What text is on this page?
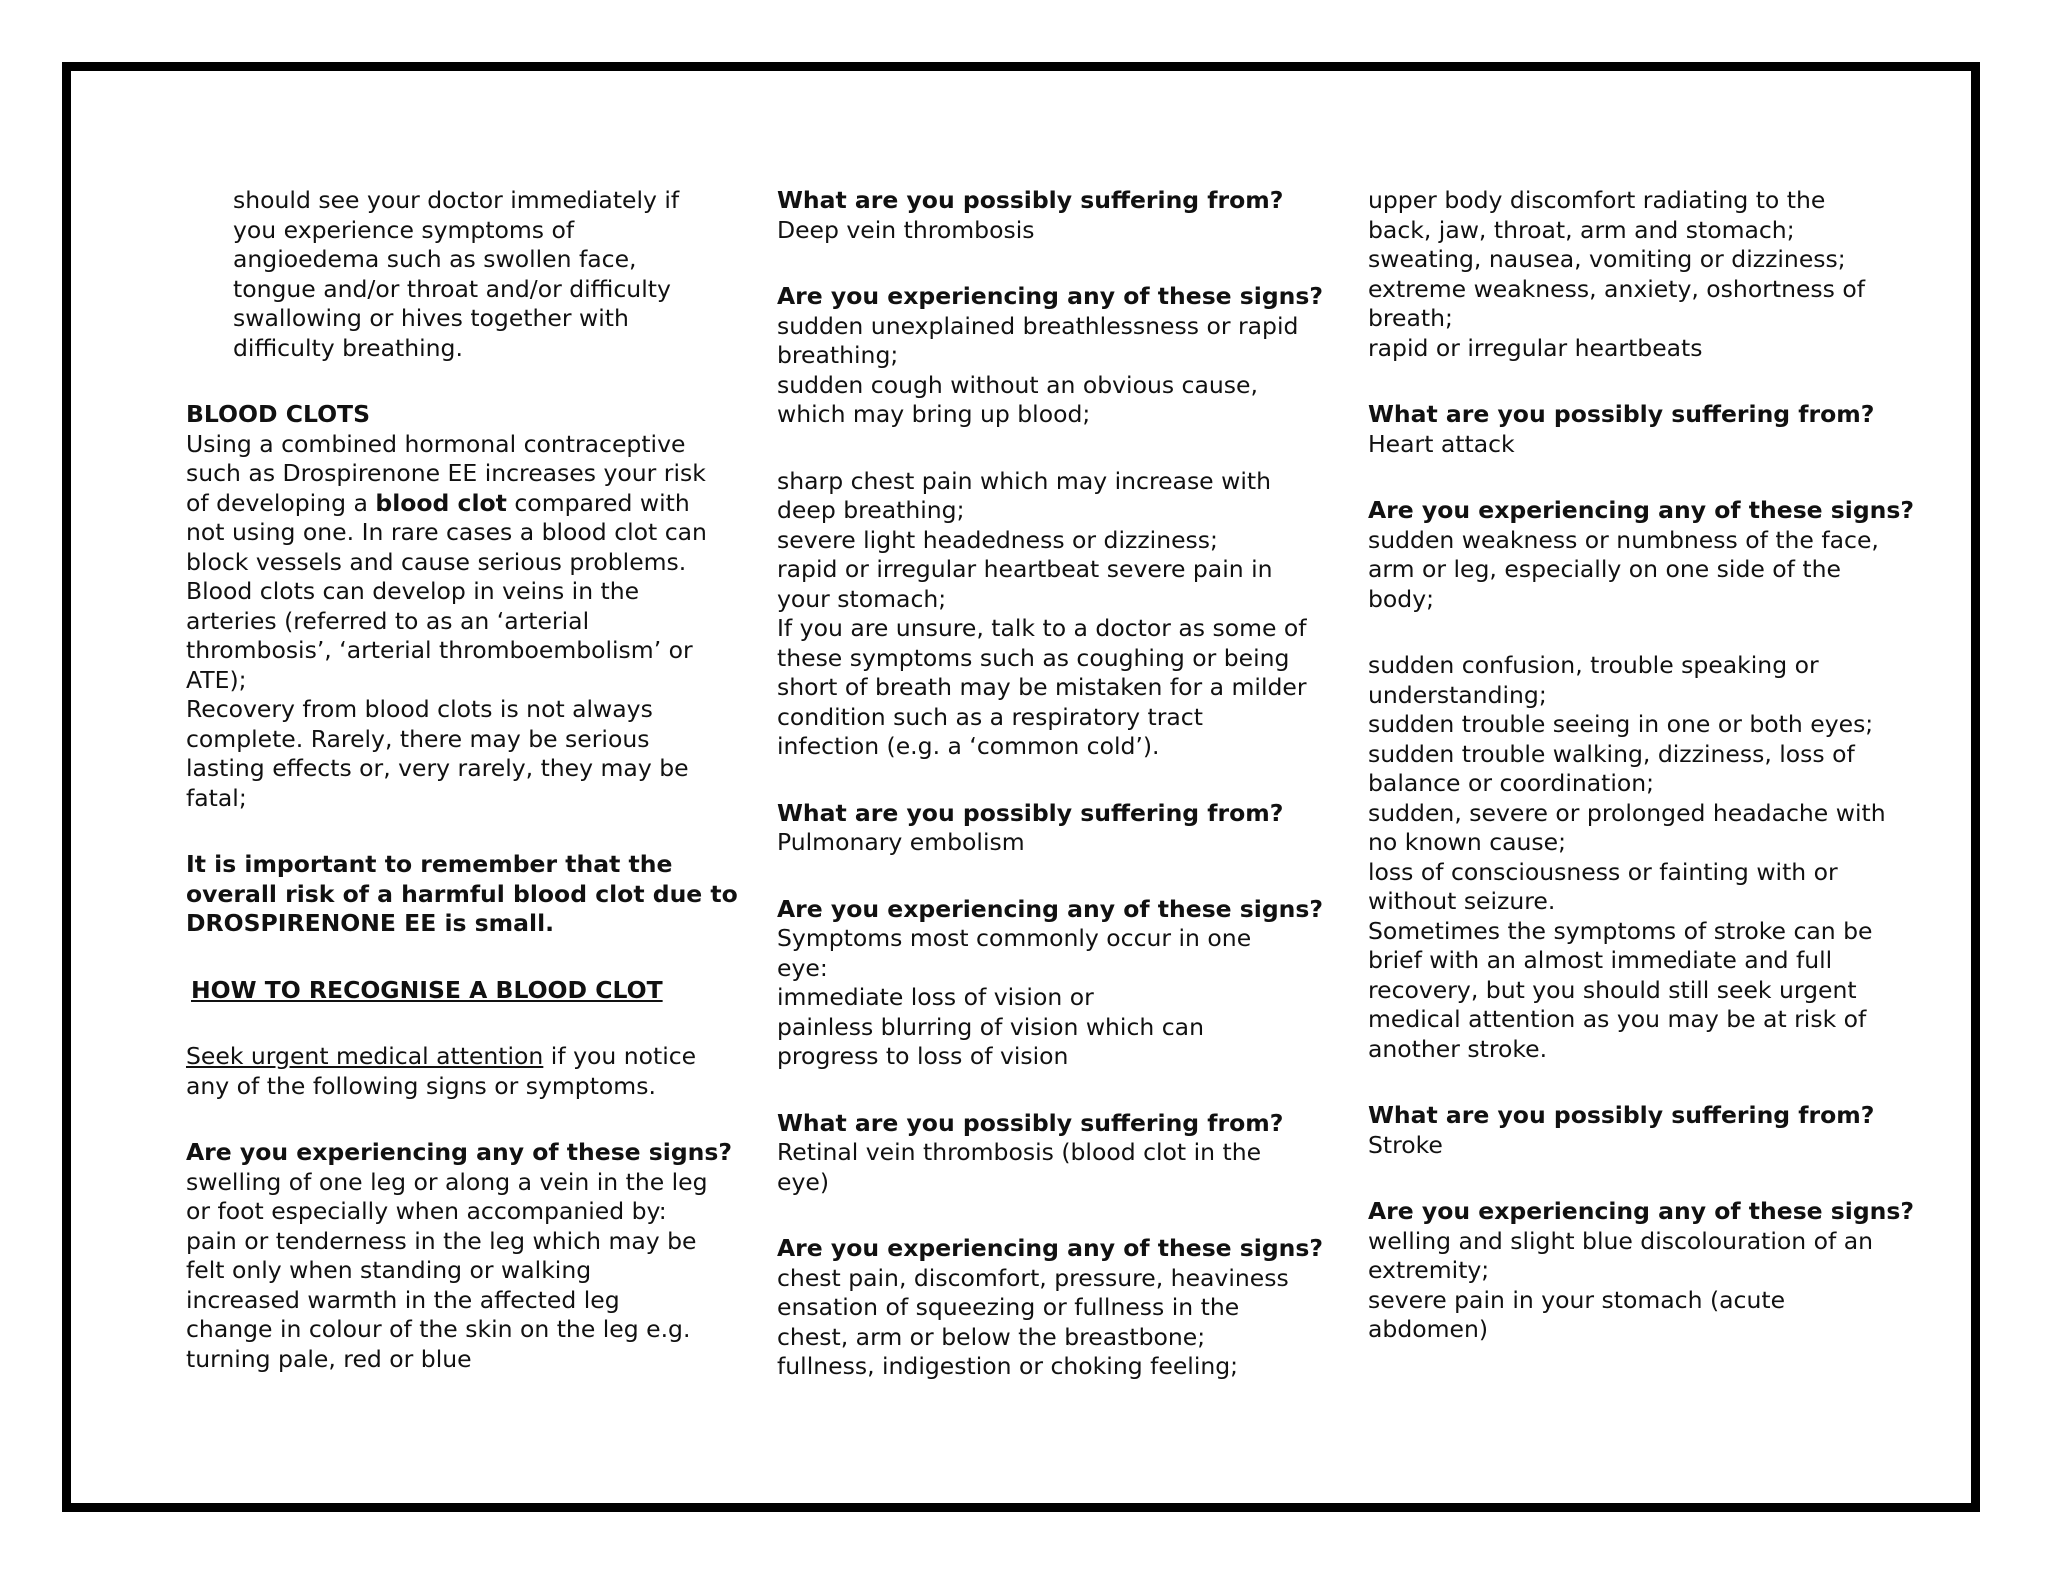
should see your doctor immediately if
you experience symptoms of
angioedema such as swollen face,
tongue and/or throat and/or difficulty
swallowing or hives together with
difficulty breathing.
BLOOD CLOTS
Using a combined hormonal contraceptive
such as Drospirenone EE increases your risk
of developing a blood clot compared with
not using one. In rare cases a blood clot can
block vessels and cause serious problems.
Blood clots can develop in veins in the
arteries (referred to as an ‘arterial
thrombosis’, ‘arterial thromboembolism’ or
ATE);
Recovery from blood clots is not always
complete. Rarely, there may be serious
lasting effects or, very rarely, they may be
fatal;
It is important to remember that the
overall risk of a harmful blood clot due to
DROSPIRENONE EE is small.
HOW TO RECOGNISE A BLOOD CLOT
Seek urgent medical attention if you notice
any of the following signs or symptoms.
Are you experiencing any of these signs?
swelling of one leg or along a vein in the leg
or foot especially when accompanied by:
pain or tenderness in the leg which may be
felt only when standing or walking
increased warmth in the affected leg
change in colour of the skin on the leg e.g.
turning pale, red or blue
What are you possibly suffering from?
Deep vein thrombosis
Are you experiencing any of these signs?
sudden unexplained breathlessness or rapid
breathing;
sudden cough without an obvious cause,
which may bring up blood;
sharp chest pain which may increase with
deep breathing;
severe light headedness or dizziness;
rapid or irregular heartbeat severe pain in
your stomach;
If you are unsure, talk to a doctor as some of
these symptoms such as coughing or being
short of breath may be mistaken for a milder
condition such as a respiratory tract
infection (e.g. a ‘common cold’).
What are you possibly suffering from?
Pulmonary embolism
Are you experiencing any of these signs?
Symptoms most commonly occur in one
eye:
immediate loss of vision or
painless blurring of vision which can
progress to loss of vision
What are you possibly suffering from?
Retinal vein thrombosis (blood clot in the
eye)
Are you experiencing any of these signs?
chest pain, discomfort, pressure, heaviness
ensation of squeezing or fullness in the
chest, arm or below the breastbone;
fullness, indigestion or choking feeling;
upper body discomfort radiating to the
back, jaw, throat, arm and stomach;
sweating, nausea, vomiting or dizziness;
extreme weakness, anxiety, oshortness of
breath;
rapid or irregular heartbeats
What are you possibly suffering from?
Heart attack
Are you experiencing any of these signs?
sudden weakness or numbness of the face,
arm or leg, especially on one side of the
body;
sudden confusion, trouble speaking or
understanding;
sudden trouble seeing in one or both eyes;
sudden trouble walking, dizziness, loss of
balance or coordination;
sudden, severe or prolonged headache with
no known cause;
loss of consciousness or fainting with or
without seizure.
Sometimes the symptoms of stroke can be
brief with an almost immediate and full
recovery, but you should still seek urgent
medical attention as you may be at risk of
another stroke.
What are you possibly suffering from?
Stroke
Are you experiencing any of these signs?
welling and slight blue discolouration of an
extremity;
severe pain in your stomach (acute
abdomen)
